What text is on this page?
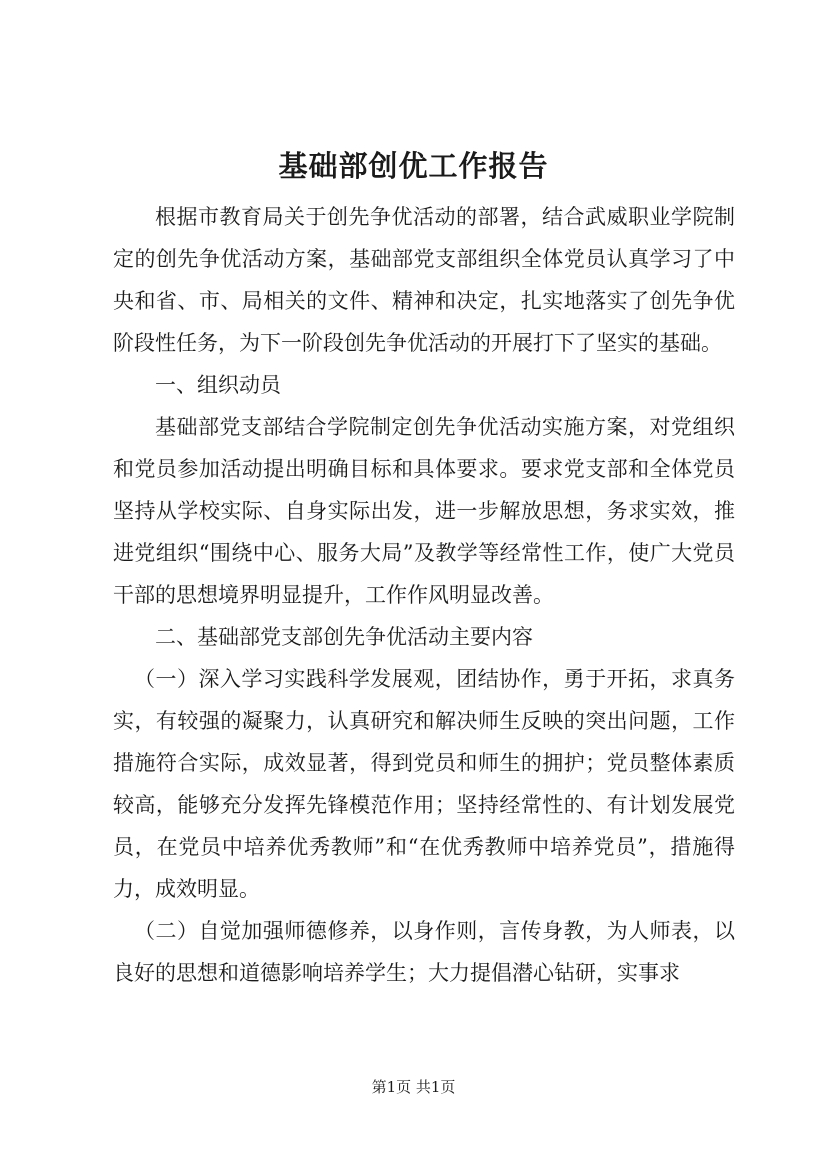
基础部创优工作报告

根据市教育局关于创先争优活动的部署，结合武威职业学院制定的创先争优活动方案，基础部党支部组织全体党员认真学习了中央和省、市、局相关的文件、精神和决定，扎实地落实了创先争优阶段性任务，为下一阶段创先争优活动的开展打下了坚实的基础。

一、组织动员

基础部党支部结合学院制定创先争优活动实施方案，对党组织和党员参加活动提出明确目标和具体要求。要求党支部和全体党员坚持从学校实际、自身实际出发，进一步解放思想，务求实效，推进党组织“围绕中心、服务大局”及教学等经常性工作，使广大党员干部的思想境界明显提升，工作作风明显改善。

二、基础部党支部创先争优活动主要内容

（一）深入学习实践科学发展观，团结协作，勇于开拓，求真务实，有较强的凝聚力，认真研究和解决师生反映的突出问题，工作措施符合实际，成效显著，得到党员和师生的拥护；党员整体素质较高，能够充分发挥先锋模范作用；坚持经常性的、有计划发展党员，在党员中培养优秀教师”和“在优秀教师中培养党员”，措施得力，成效明显。

（二）自觉加强师德修养，以身作则，言传身教，为人师表，以良好的思想和道德影响培养学生；大力提倡潜心钻研，实事求

第1页 共1页
